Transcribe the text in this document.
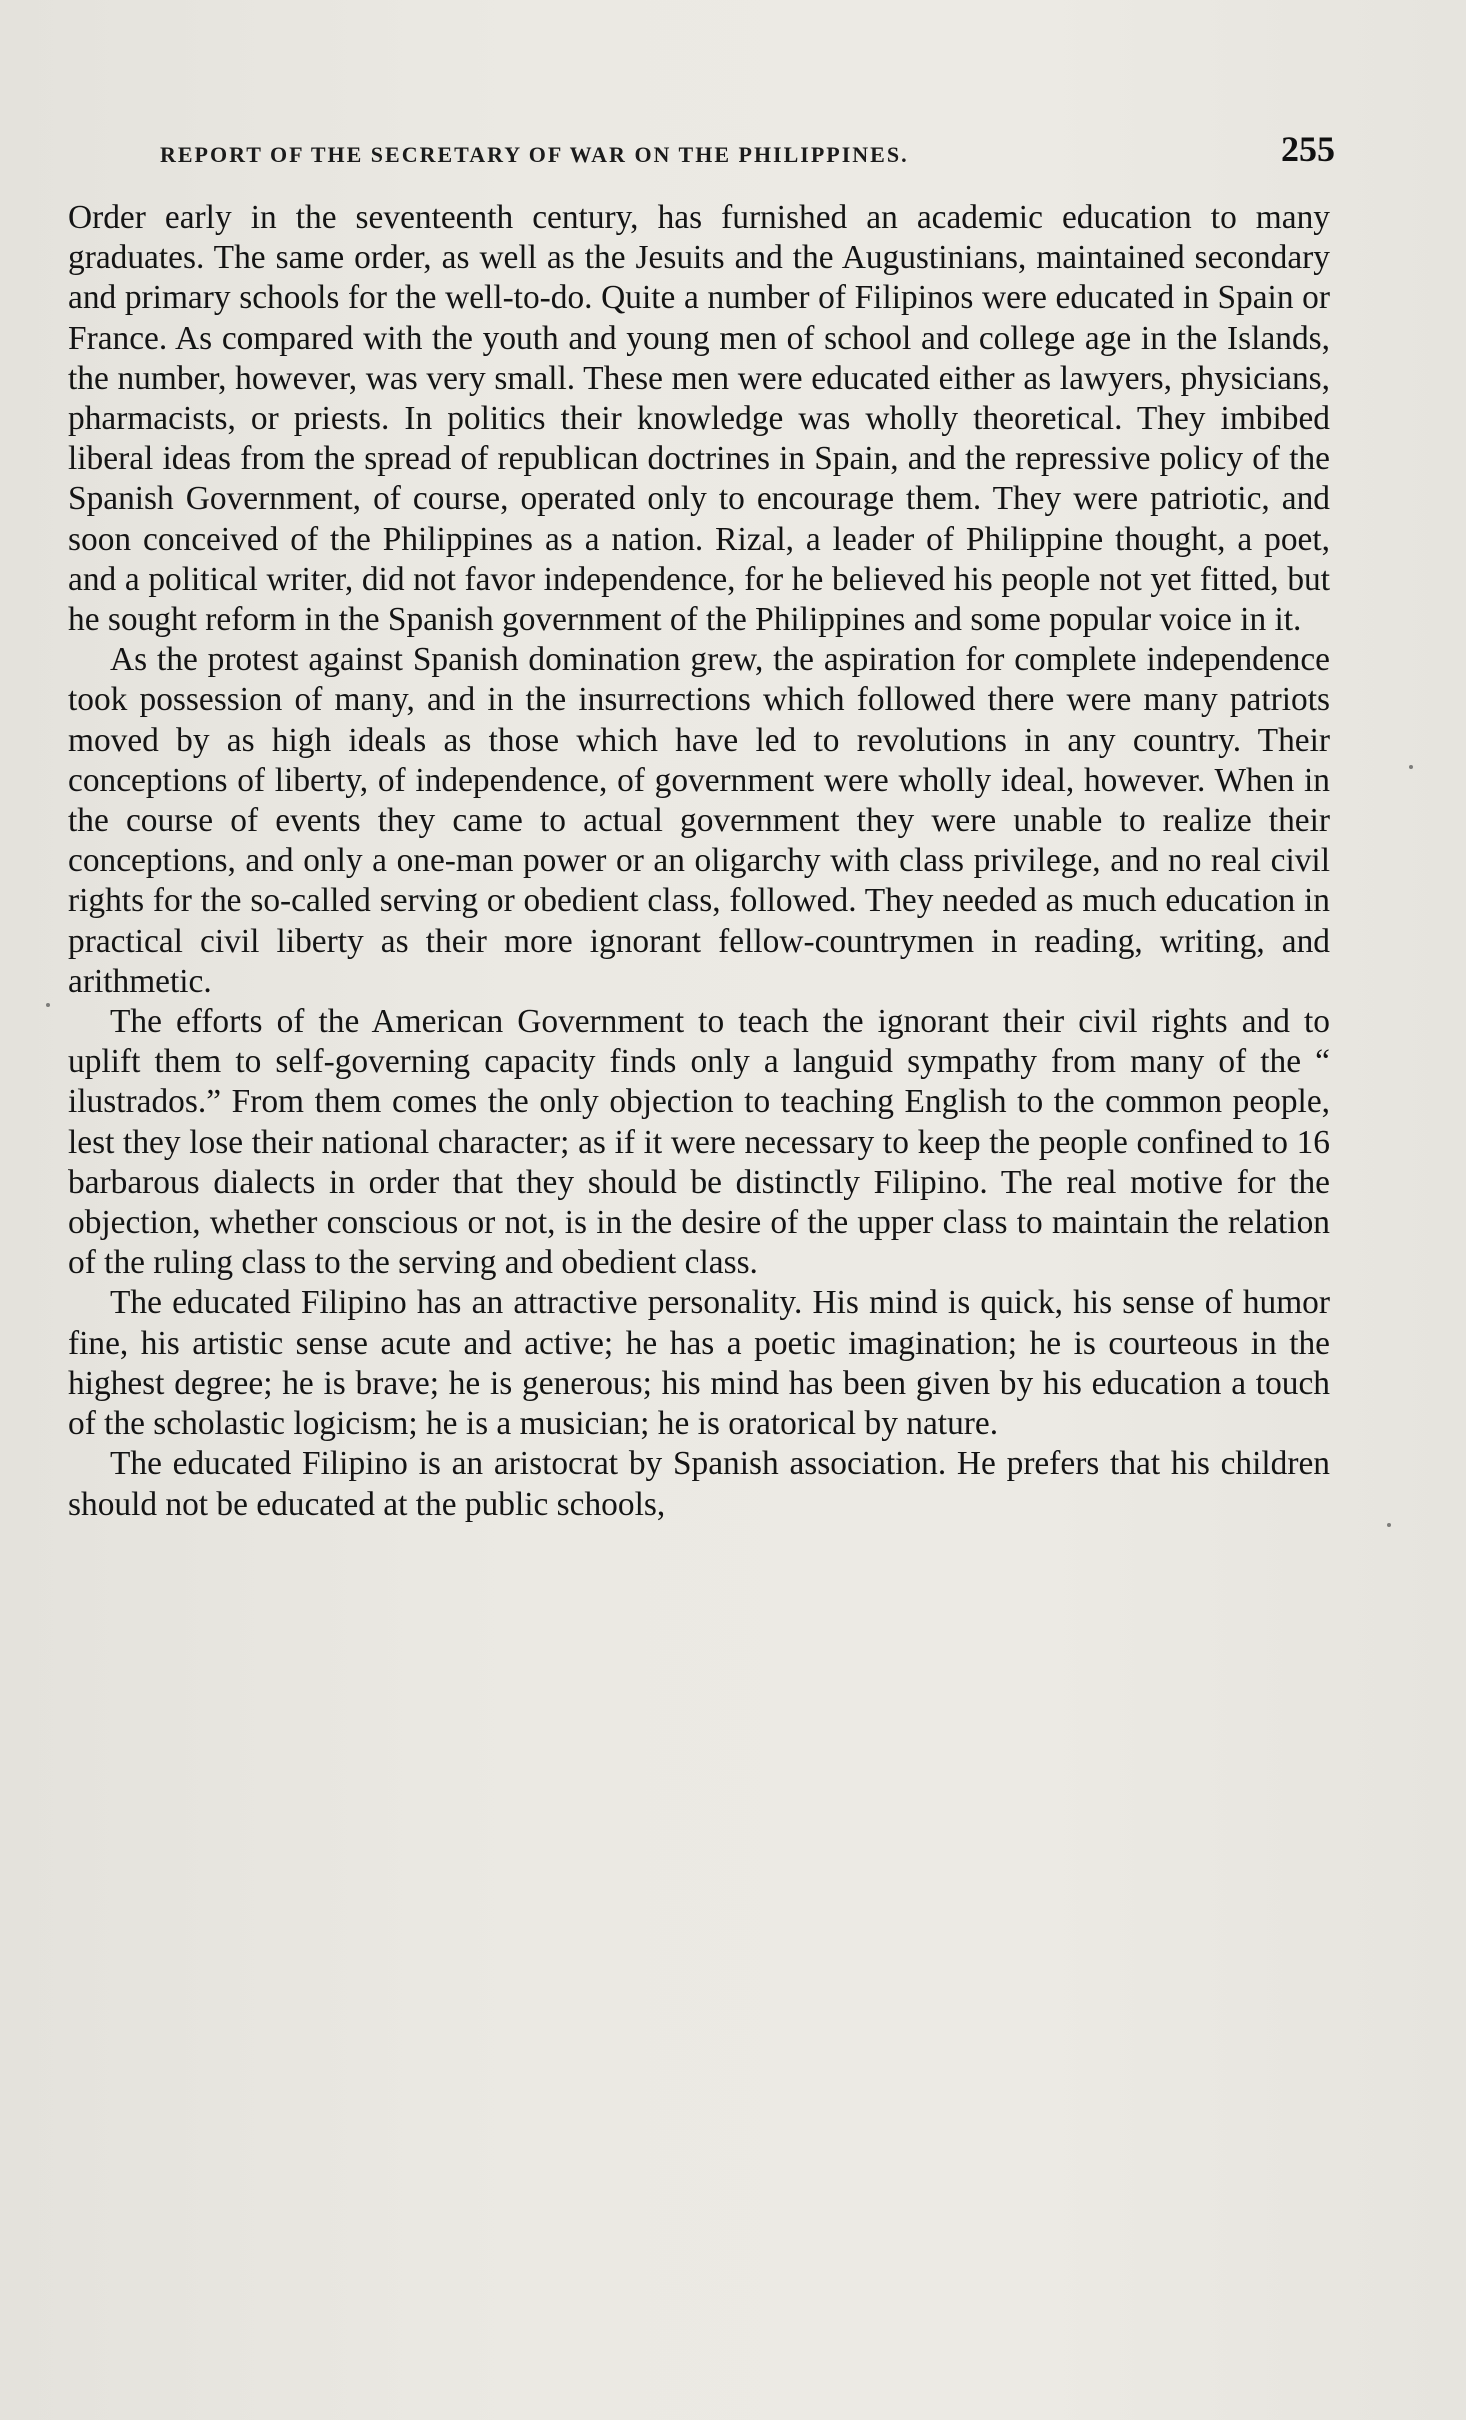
REPORT OF THE SECRETARY OF WAR ON THE PHILIPPINES.	255

Order early in the seventeenth century, has furnished an academic education to many graduates. The same order, as well as the Jesuits and the Augustinians, maintained secondary and primary schools for the well-to-do. Quite a number of Filipinos were educated in Spain or France. As compared with the youth and young men of school and college age in the Islands, the number, however, was very small. These men were educated either as lawyers, physicians, pharmacists, or priests. In politics their knowledge was wholly theoretical. They imbibed liberal ideas from the spread of republican doctrines in Spain, and the repressive policy of the Spanish Government, of course, operated only to encourage them. They were patriotic, and soon conceived of the Philippines as a nation. Rizal, a leader of Philippine thought, a poet, and a political writer, did not favor independence, for he believed his people not yet fitted, but he sought reform in the Spanish government of the Philippines and some popular voice in it.

As the protest against Spanish domination grew, the aspiration for complete independence took possession of many, and in the insurrections which followed there were many patriots moved by as high ideals as those which have led to revolutions in any country. Their conceptions of liberty, of independence, of government were wholly ideal, however. When in the course of events they came to actual government they were unable to realize their conceptions, and only a one-man power or an oligarchy with class privilege, and no real civil rights for the so-called serving or obedient class, followed. They needed as much education in practical civil liberty as their more ignorant fellow-countrymen in reading, writing, and arithmetic.

The efforts of the American Government to teach the ignorant their civil rights and to uplift them to self-governing capacity finds only a languid sympathy from many of the “ ilustrados.” From them comes the only objection to teaching English to the common people, lest they lose their national character; as if it were necessary to keep the people confined to 16 barbarous dialects in order that they should be distinctly Filipino. The real motive for the objection, whether conscious or not, is in the desire of the upper class to maintain the relation of the ruling class to the serving and obedient class.

The educated Filipino has an attractive personality. His mind is quick, his sense of humor fine, his artistic sense acute and active; he has a poetic imagination; he is courteous in the highest degree; he is brave; he is generous; his mind has been given by his education a touch of the scholastic logicism; he is a musician; he is oratorical by nature.

The educated Filipino is an aristocrat by Spanish association. He prefers that his children should not be educated at the public schools,
